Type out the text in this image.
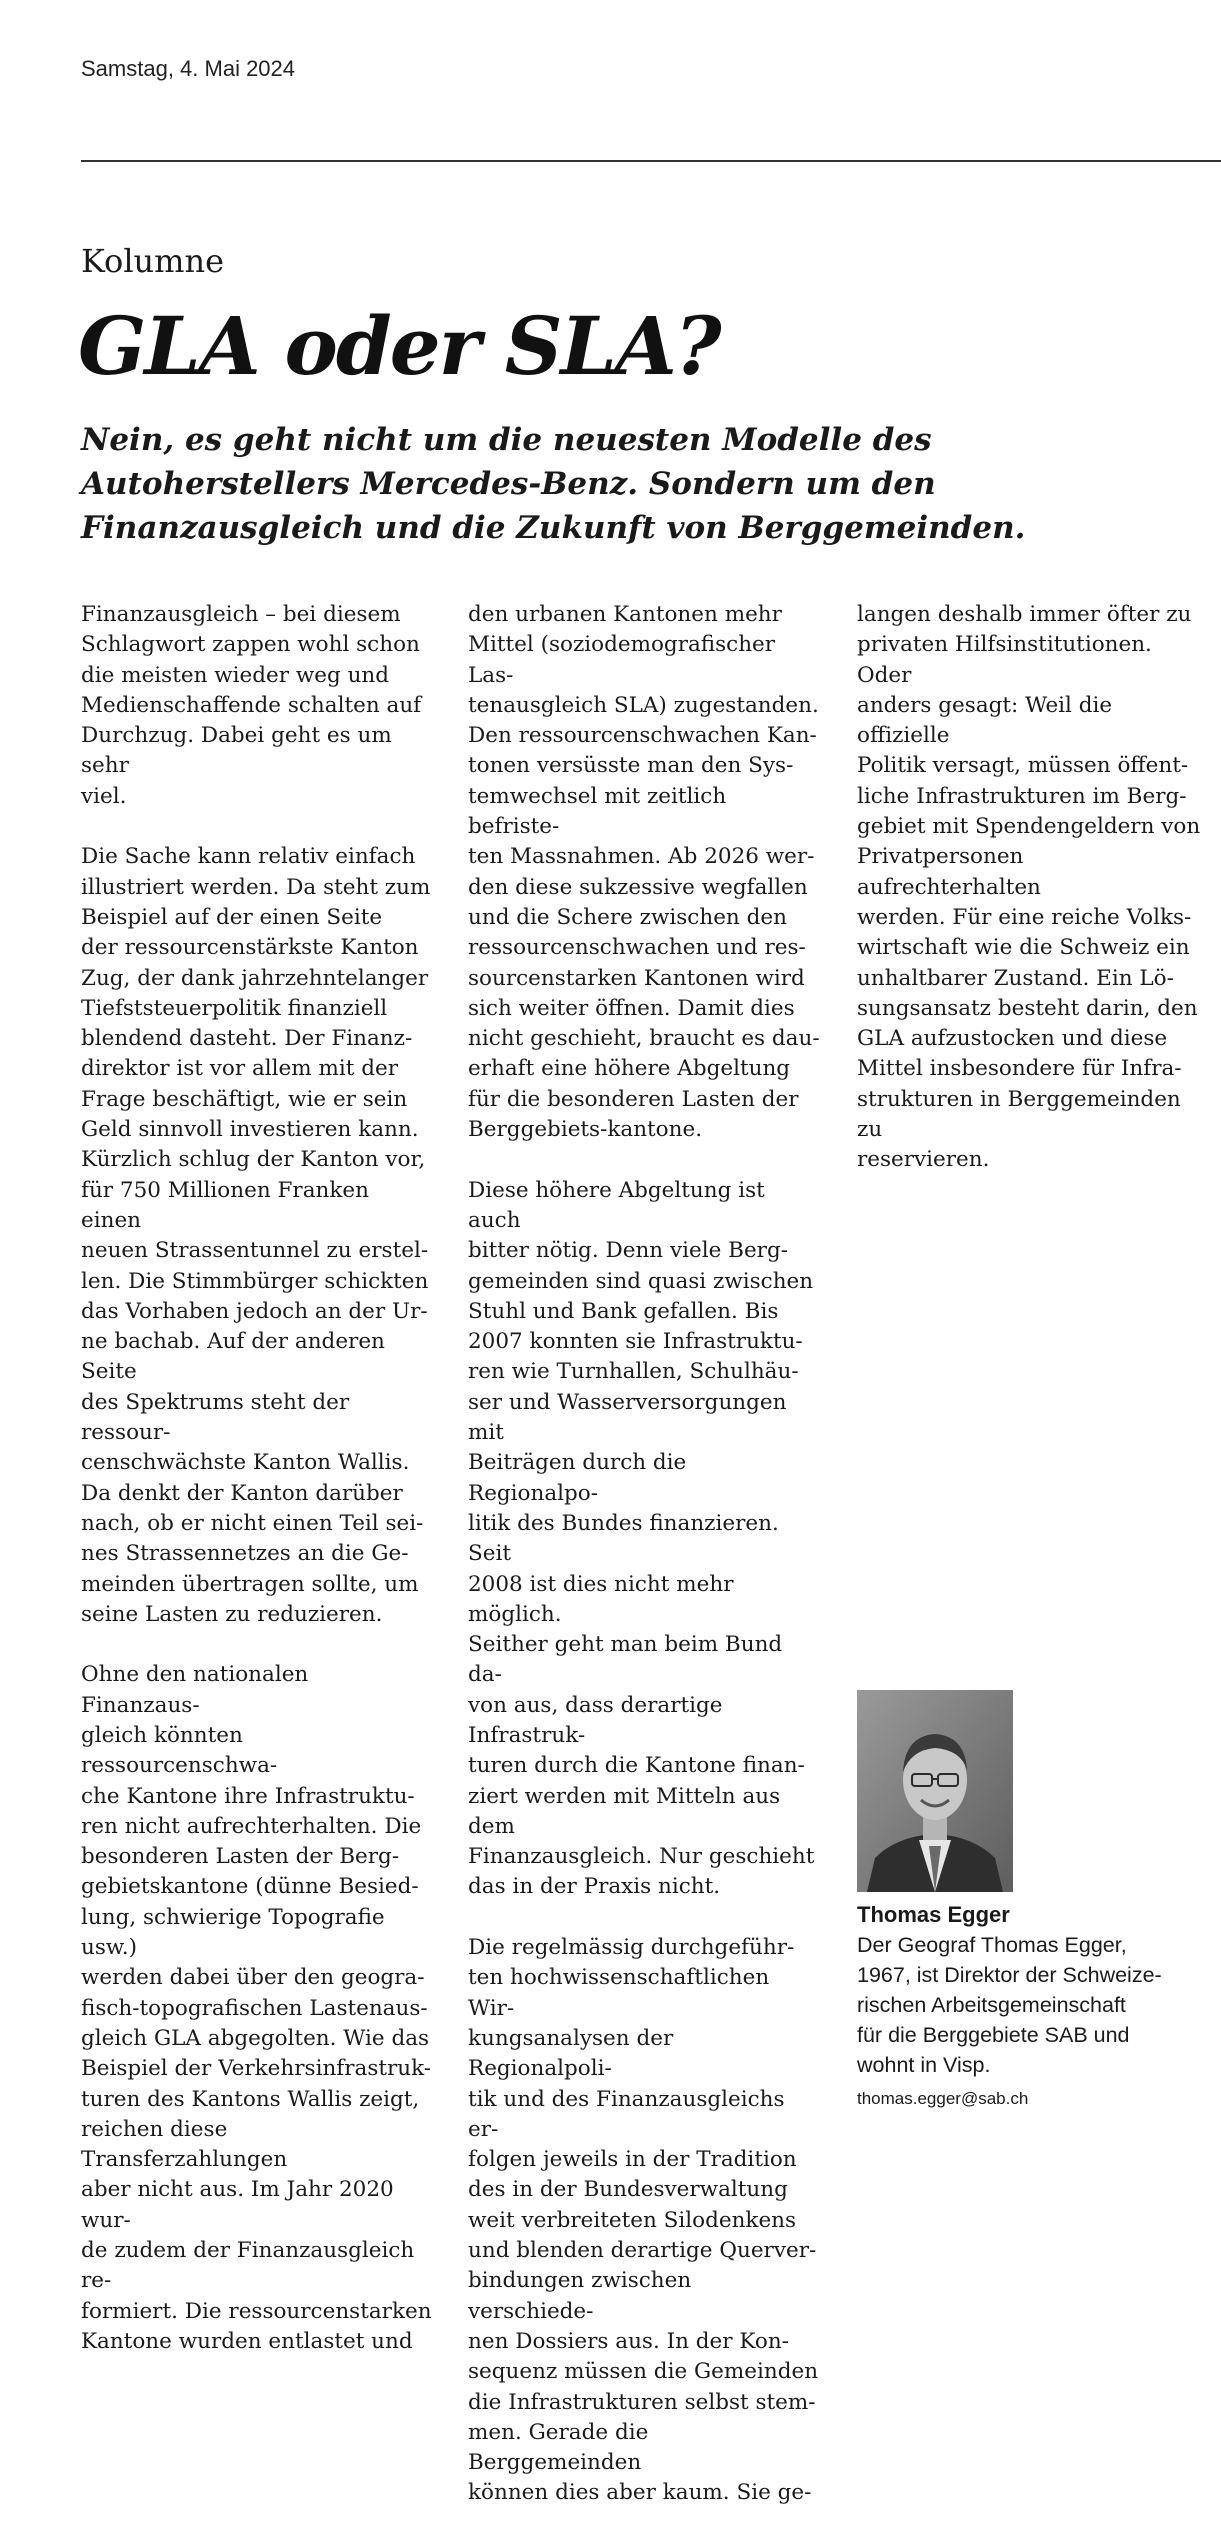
Samstag, 4. Mai 2024
Kolumne
GLA oder SLA?
Nein, es geht nicht um die neuesten Modelle des Autoherstellers Mercedes-Benz. Sondern um den Finanzausgleich und die Zukunft von Berggemeinden.

Finanzausgleich – bei diesem
Schlagwort zappen wohl schon
die meisten wieder weg und
Medienschaffende schalten auf
Durchzug. Dabei geht es um sehr
viel.

Die Sache kann relativ einfach
illustriert werden. Da steht zum
Beispiel auf der einen Seite
der ressourcenstärkste Kanton
Zug, der dank jahrzehntelanger
Tiefststeuerpolitik finanziell
blendend dasteht. Der Finanz-
direktor ist vor allem mit der
Frage beschäftigt, wie er sein
Geld sinnvoll investieren kann.
Kürzlich schlug der Kanton vor,
für 750 Millionen Franken einen
neuen Strassentunnel zu erstel-
len. Die Stimmbürger schickten
das Vorhaben jedoch an der Ur-
ne bachab. Auf der anderen Seite
des Spektrums steht der ressour-
censchwächste Kanton Wallis.
Da denkt der Kanton darüber
nach, ob er nicht einen Teil sei-
nes Strassennetzes an die Ge-
meinden übertragen sollte, um
seine Lasten zu reduzieren.

Ohne den nationalen Finanzaus-
gleich könnten ressourcenschwa-
che Kantone ihre Infrastruktu-
ren nicht aufrechterhalten. Die
besonderen Lasten der Berg-
gebietskantone (dünne Besied-
lung, schwierige Topografie usw.)
werden dabei über den geogra-
fisch-topografischen Lastenaus-
gleich GLA abgegolten. Wie das
Beispiel der Verkehrsinfrastruk-
turen des Kantons Wallis zeigt,
reichen diese Transferzahlungen
aber nicht aus. Im Jahr 2020 wur-
de zudem der Finanzausgleich re-
formiert. Die ressourcenstarken
Kantone wurden entlastet und

den urbanen Kantonen mehr
Mittel (soziodemografischer Las-
tenausgleich SLA) zugestanden.
Den ressourcenschwachen Kan-
tonen versüsste man den Sys-
temwechsel mit zeitlich befriste-
ten Massnahmen. Ab 2026 wer-
den diese sukzessive wegfallen
und die Schere zwischen den
ressourcenschwachen und res-
sourcenstarken Kantonen wird
sich weiter öffnen. Damit dies
nicht geschieht, braucht es dau-
erhaft eine höhere Abgeltung
für die besonderen Lasten der
Berggebiets-kantone.

Diese höhere Abgeltung ist auch
bitter nötig. Denn viele Berg-
gemeinden sind quasi zwischen
Stuhl und Bank gefallen. Bis
2007 konnten sie Infrastruktu-
ren wie Turnhallen, Schulhäu-
ser und Wasserversorgungen mit
Beiträgen durch die Regionalpo-
litik des Bundes finanzieren. Seit
2008 ist dies nicht mehr möglich.
Seither geht man beim Bund da-
von aus, dass derartige Infrastruk-
turen durch die Kantone finan-
ziert werden mit Mitteln aus dem
Finanzausgleich. Nur geschieht
das in der Praxis nicht.

Die regelmässig durchgeführ-
ten hochwissenschaftlichen Wir-
kungsanalysen der Regionalpoli-
tik und des Finanzausgleichs er-
folgen jeweils in der Tradition
des in der Bundesverwaltung
weit verbreiteten Silodenkens
und blenden derartige Querver-
bindungen zwischen verschiede-
nen Dossiers aus. In der Kon-
sequenz müssen die Gemeinden
die Infrastrukturen selbst stem-
men. Gerade die Berggemeinden
können dies aber kaum. Sie ge-

langen deshalb immer öfter zu
privaten Hilfsinstitutionen. Oder
anders gesagt: Weil die offizielle
Politik versagt, müssen öffent-
liche Infrastrukturen im Berg-
gebiet mit Spendengeldern von
Privatpersonen aufrechterhalten
werden. Für eine reiche Volks-
wirtschaft wie die Schweiz ein
unhaltbarer Zustand. Ein Lö-
sungsansatz besteht darin, den
GLA aufzustocken und diese
Mittel insbesondere für Infra-
strukturen in Berggemeinden zu
reservieren.

Thomas Egger
Der Geograf Thomas Egger,
1967, ist Direktor der Schweize-
rischen Arbeitsgemeinschaft
für die Berggebiete SAB und
wohnt in Visp.
thomas.egger@sab.ch
